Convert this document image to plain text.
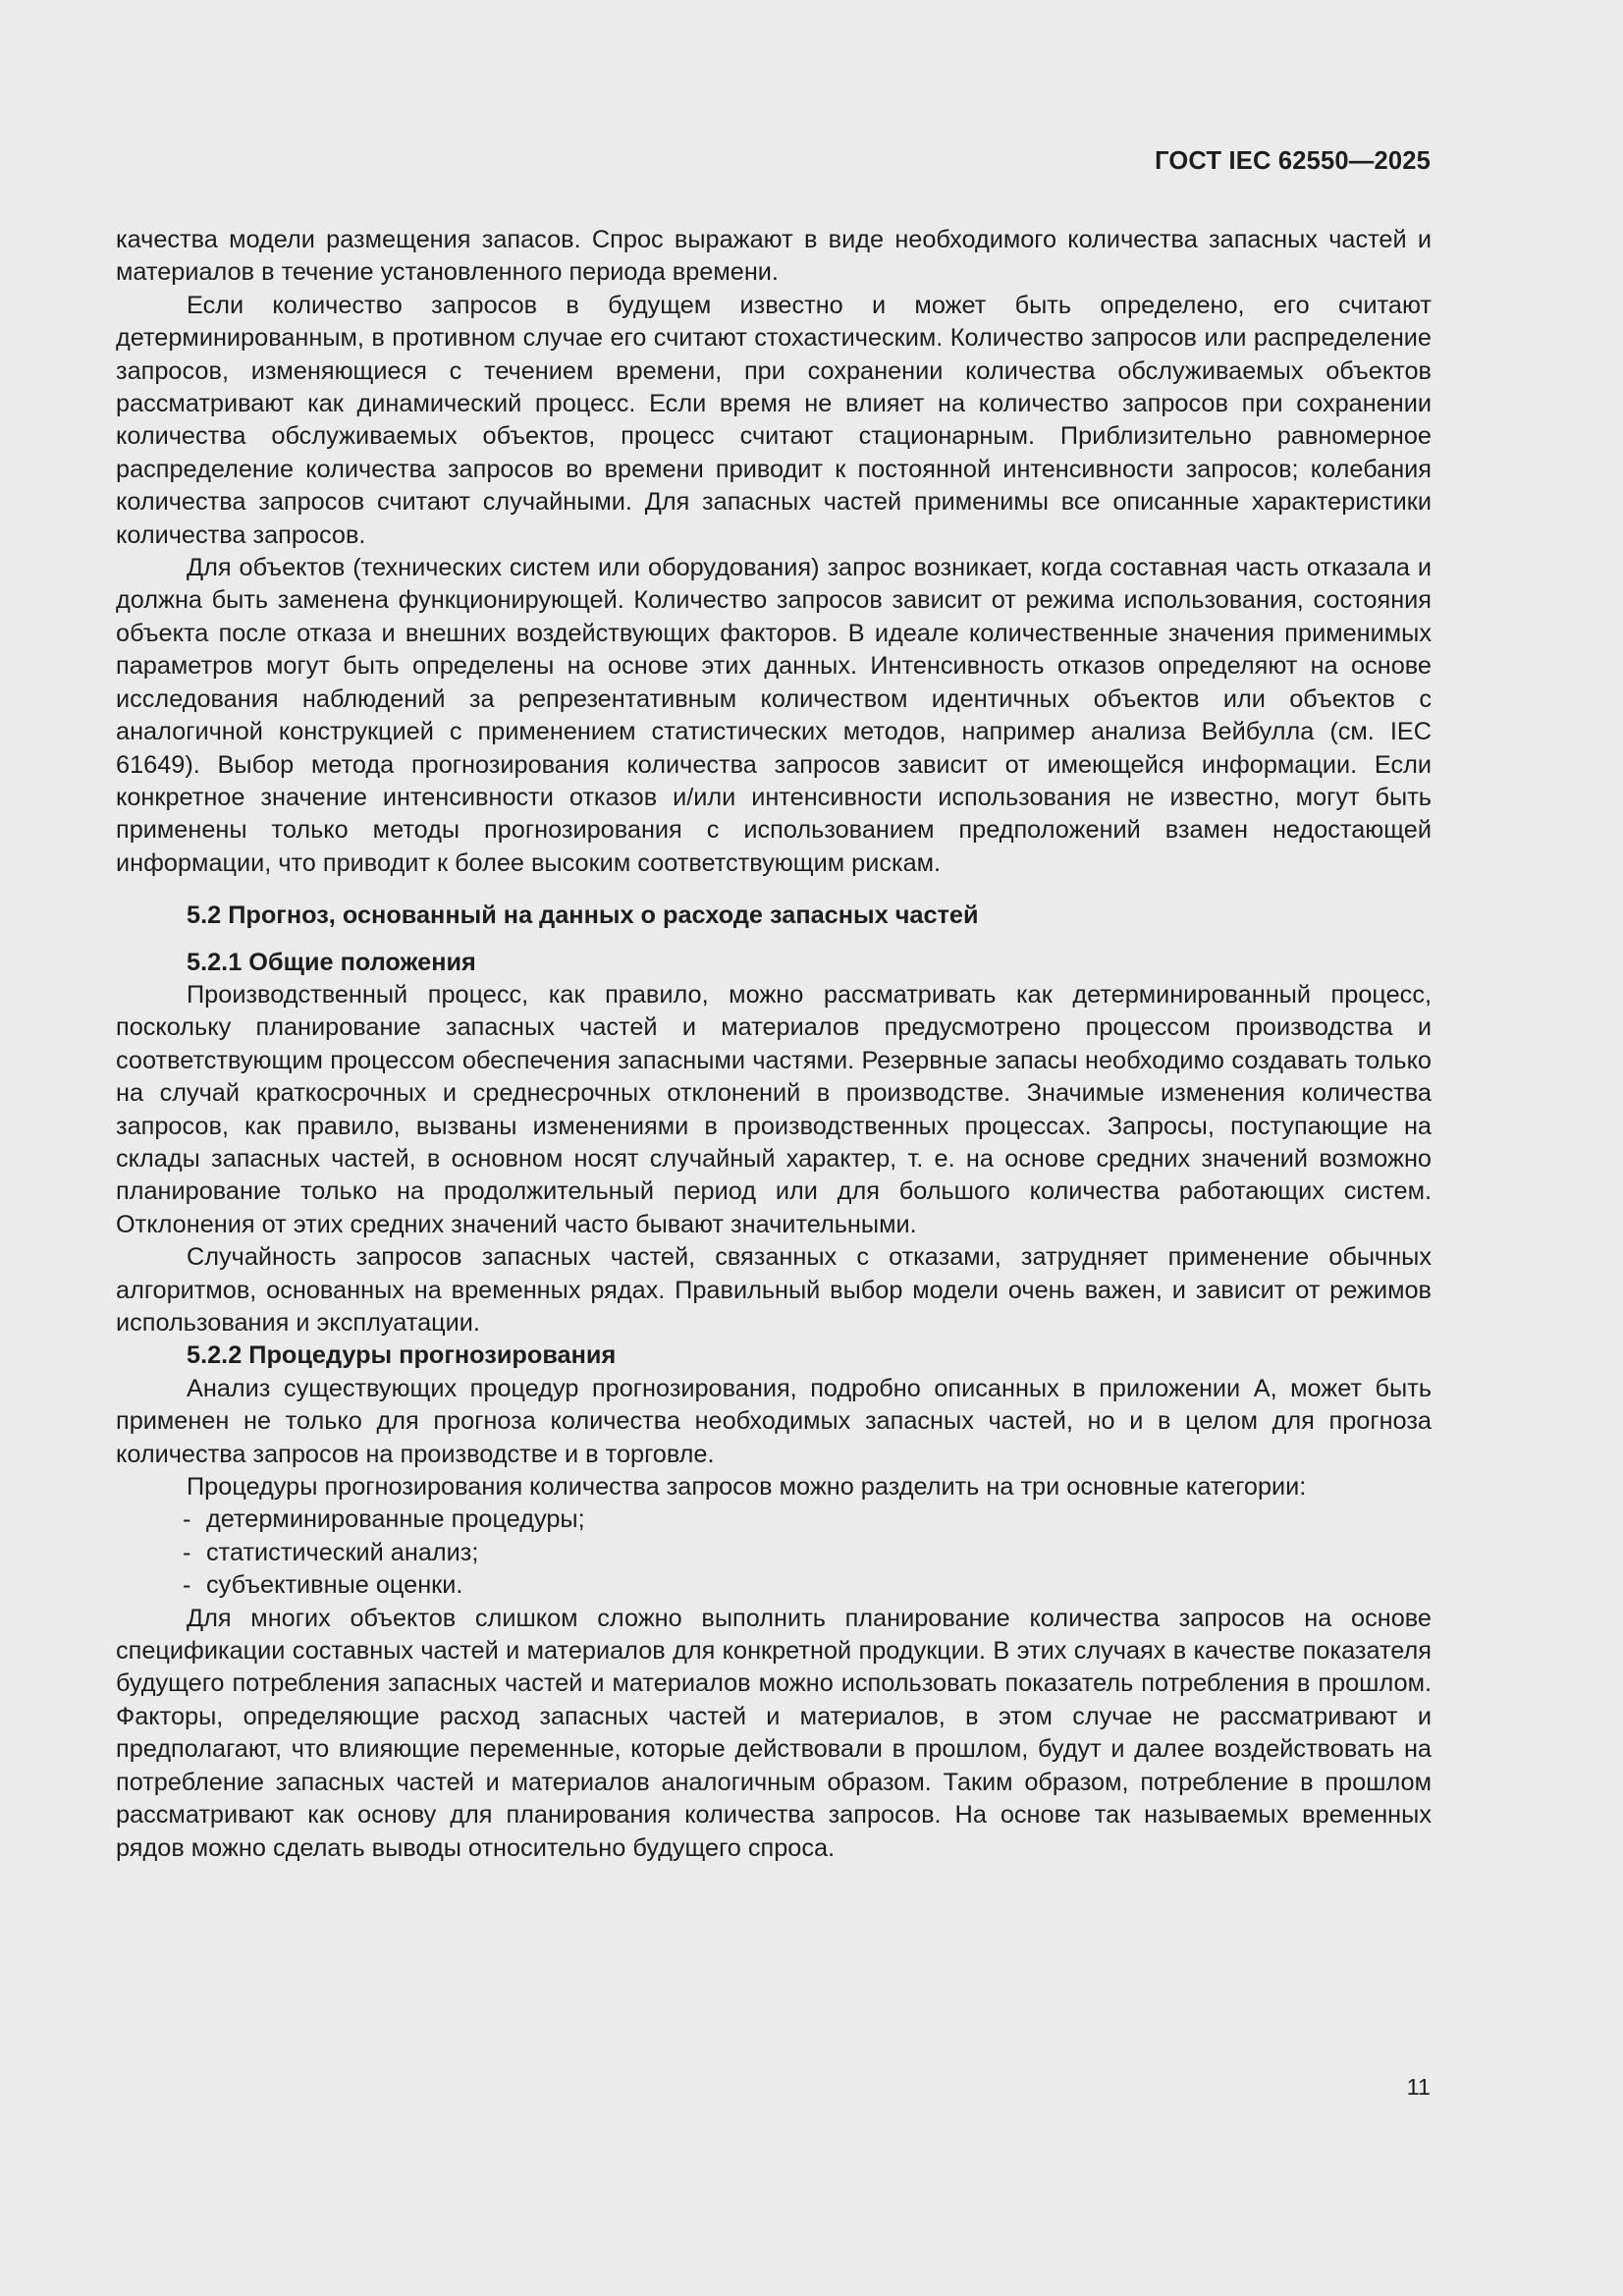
ГОСТ IEC 62550—2025

качества модели размещения запасов. Спрос выражают в виде необходимого количества запасных частей и материалов в течение установленного периода времени.

Если количество запросов в будущем известно и может быть определено, его считают детерминированным, в противном случае его считают стохастическим. Количество запросов или распределение запросов, изменяющиеся с течением времени, при сохранении количества обслуживаемых объектов рассматривают как динамический процесс. Если время не влияет на количество запросов при сохранении количества обслуживаемых объектов, процесс считают стационарным. Приблизительно равномерное распределение количества запросов во времени приводит к постоянной интенсивности запросов; колебания количества запросов считают случайными. Для запасных частей применимы все описанные характеристики количества запросов.

Для объектов (технических систем или оборудования) запрос возникает, когда составная часть отказала и должна быть заменена функционирующей. Количество запросов зависит от режима использования, состояния объекта после отказа и внешних воздействующих факторов. В идеале количественные значения применимых параметров могут быть определены на основе этих данных. Интенсивность отказов определяют на основе исследования наблюдений за репрезентативным количеством идентичных объектов или объектов с аналогичной конструкцией с применением статистических методов, например анализа Вейбулла (см. IEC 61649). Выбор метода прогнозирования количества запросов зависит от имеющейся информации. Если конкретное значение интенсивности отказов и/или интенсивности использования не известно, могут быть применены только методы прогнозирования с использованием предположений взамен недостающей информации, что приводит к более высоким соответствующим рискам.

5.2 Прогноз, основанный на данных о расходе запасных частей

5.2.1 Общие положения

Производственный процесс, как правило, можно рассматривать как детерминированный процесс, поскольку планирование запасных частей и материалов предусмотрено процессом производства и соответствующим процессом обеспечения запасными частями. Резервные запасы необходимо создавать только на случай краткосрочных и среднесрочных отклонений в производстве. Значимые изменения количества запросов, как правило, вызваны изменениями в производственных процессах. Запросы, поступающие на склады запасных частей, в основном носят случайный характер, т. е. на основе средних значений возможно планирование только на продолжительный период или для большого количества работающих систем. Отклонения от этих средних значений часто бывают значительными.

Случайность запросов запасных частей, связанных с отказами, затрудняет применение обычных алгоритмов, основанных на временных рядах. Правильный выбор модели очень важен, и зависит от режимов использования и эксплуатации.

5.2.2 Процедуры прогнозирования

Анализ существующих процедур прогнозирования, подробно описанных в приложении А, может быть применен не только для прогноза количества необходимых запасных частей, но и в целом для прогноза количества запросов на производстве и в торговле.

Процедуры прогнозирования количества запросов можно разделить на три основные категории:

- детерминированные процедуры;
- статистический анализ;
- субъективные оценки.

Для многих объектов слишком сложно выполнить планирование количества запросов на основе спецификации составных частей и материалов для конкретной продукции. В этих случаях в качестве показателя будущего потребления запасных частей и материалов можно использовать показатель потребления в прошлом. Факторы, определяющие расход запасных частей и материалов, в этом случае не рассматривают и предполагают, что влияющие переменные, которые действовали в прошлом, будут и далее воздействовать на потребление запасных частей и материалов аналогичным образом. Таким образом, потребление в прошлом рассматривают как основу для планирования количества запросов. На основе так называемых временных рядов можно сделать выводы относительно будущего спроса.

11
